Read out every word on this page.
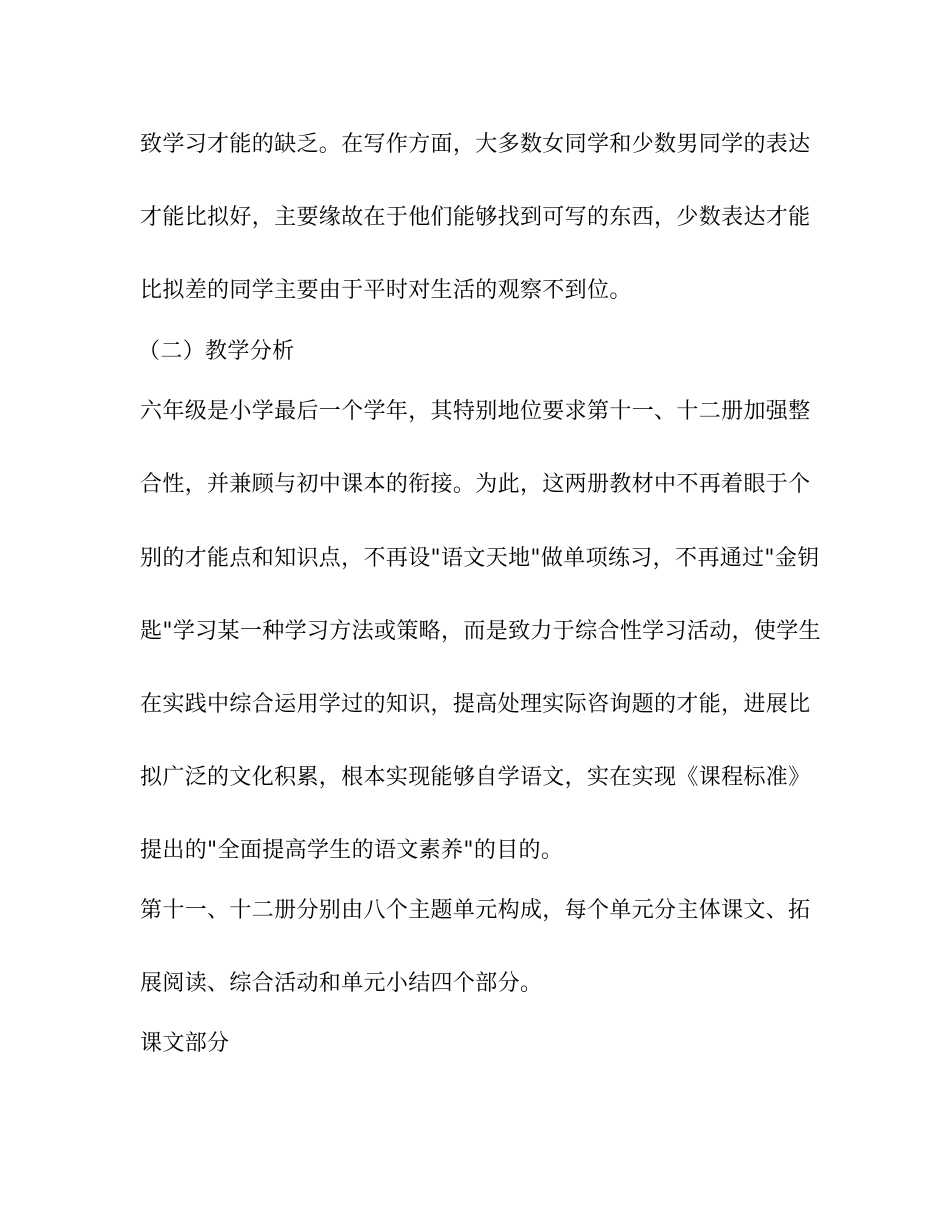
致学习才能的缺乏。在写作方面，大多数女同学和少数男同学的表达
才能比拟好，主要缘故在于他们能够找到可写的东西，少数表达才能
比拟差的同学主要由于平时对生活的观察不到位。
（二）教学分析
六年级是小学最后一个学年，其特别地位要求第十一、十二册加强整
合性，并兼顾与初中课本的衔接。为此，这两册教材中不再着眼于个
别的才能点和知识点，不再设"语文天地"做单项练习，不再通过"金钥
匙"学习某一种学习方法或策略，而是致力于综合性学习活动，使学生
在实践中综合运用学过的知识，提高处理实际咨询题的才能，进展比
拟广泛的文化积累，根本实现能够自学语文，实在实现《课程标准》
提出的"全面提高学生的语文素养"的目的。
第十一、十二册分别由八个主题单元构成，每个单元分主体课文、拓
展阅读、综合活动和单元小结四个部分。
课文部分
